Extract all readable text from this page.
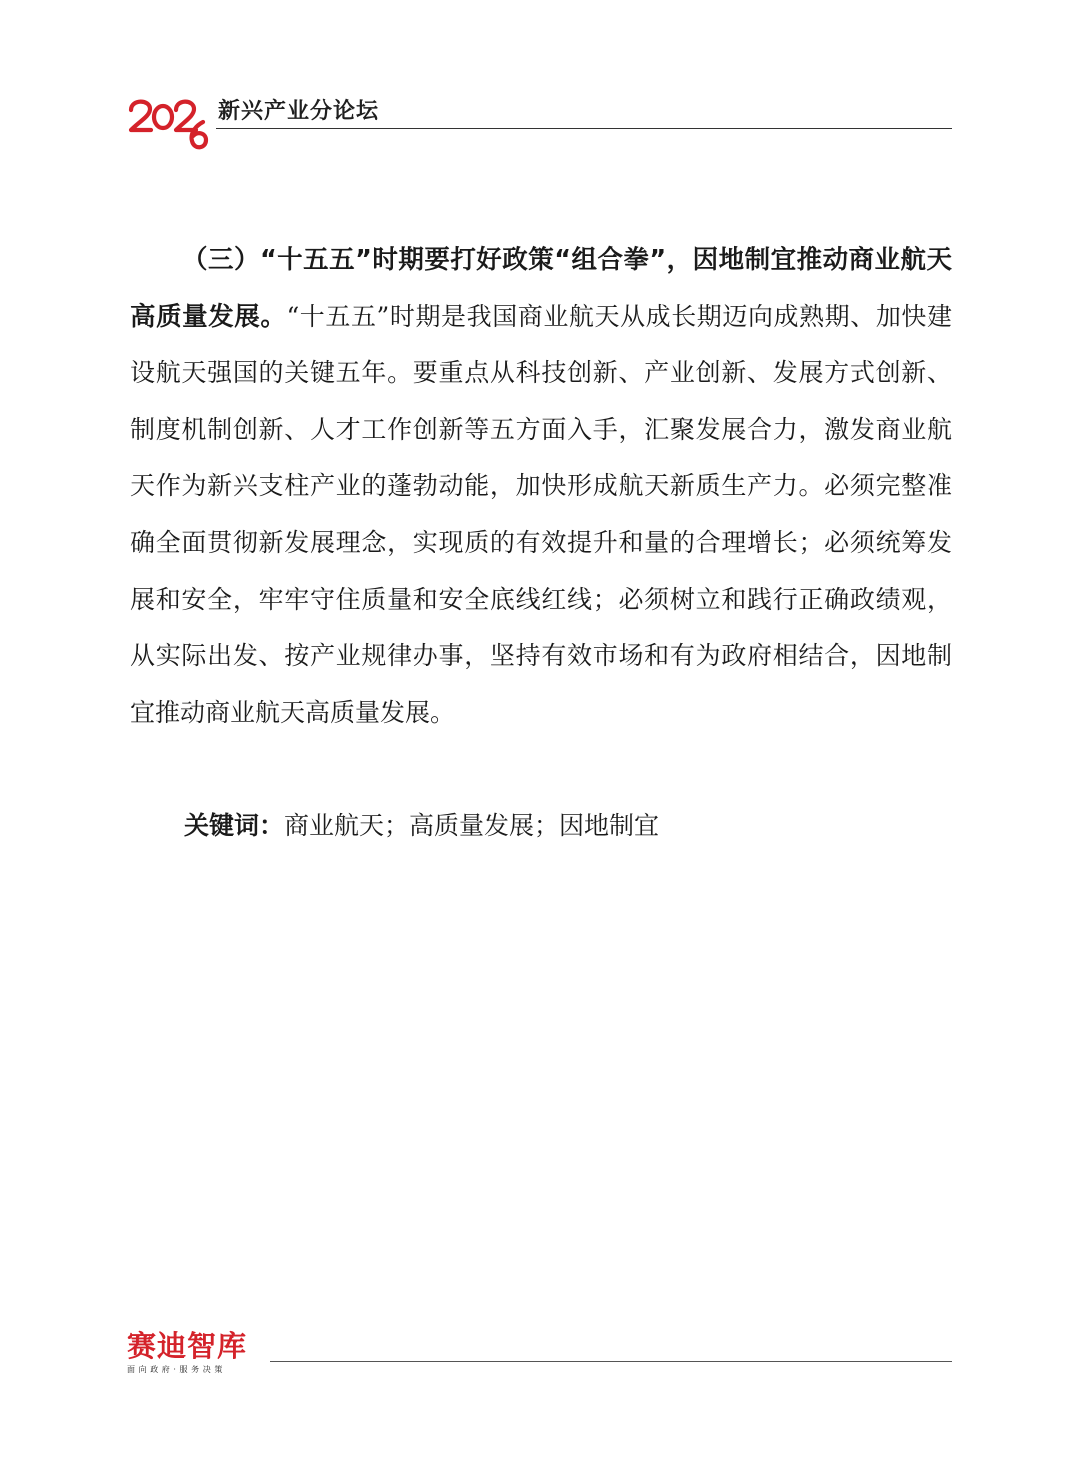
新兴产业分论坛

（三）“十五五”时期要打好政策“组合拳”，因地制宜推动商业航天高质量发展。“十五五”时期是我国商业航天从成长期迈向成熟期、加快建设航天强国的关键五年。要重点从科技创新、产业创新、发展方式创新、制度机制创新、人才工作创新等五方面入手，汇聚发展合力，激发商业航天作为新兴支柱产业的蓬勃动能，加快形成航天新质生产力。必须完整准确全面贯彻新发展理念，实现质的有效提升和量的合理增长；必须统筹发展和安全，牢牢守住质量和安全底线红线；必须树立和践行正确政绩观，从实际出发、按产业规律办事，坚持有效市场和有为政府相结合，因地制宜推动商业航天高质量发展。

关键词：商业航天；高质量发展；因地制宜
赛迪智库
面向政府·服务决策
